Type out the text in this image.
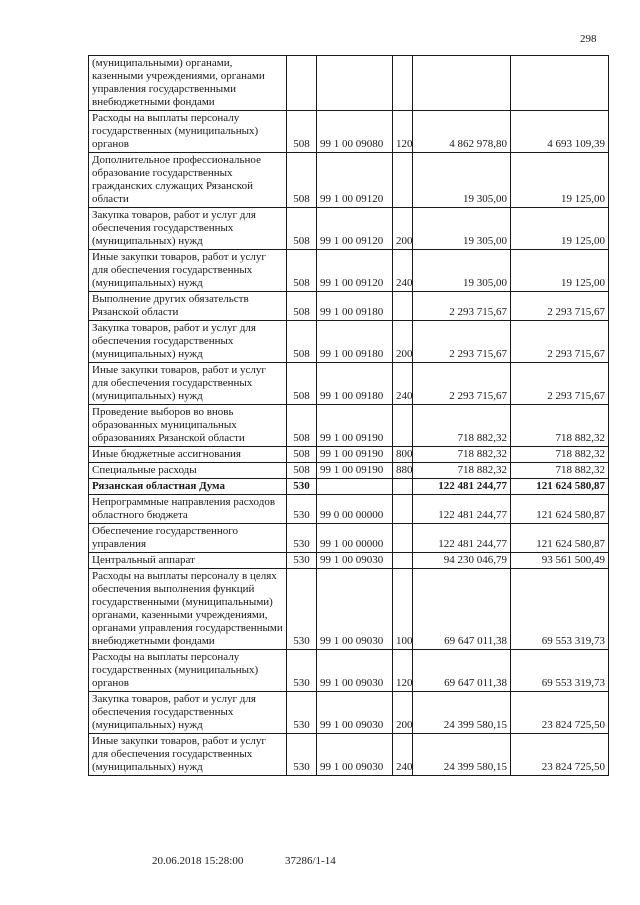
298
(муниципальными) органами, казенными учреждениями, органами управления государственными внебюджетными фондами					
Расходы на выплаты персоналу государственных (муниципальных) органов	508	99 1 00 09080	120	4 862 978,80	4 693 109,39
Дополнительное профессиональное образование государственных гражданских служащих Рязанской области	508	99 1 00 09120		19 305,00	19 125,00
Закупка товаров, работ и услуг для обеспечения государственных (муниципальных) нужд	508	99 1 00 09120	200	19 305,00	19 125,00
Иные закупки товаров, работ и услуг для обеспечения государственных (муниципальных) нужд	508	99 1 00 09120	240	19 305,00	19 125,00
Выполнение других обязательств Рязанской области	508	99 1 00 09180		2 293 715,67	2 293 715,67
Закупка товаров, работ и услуг для обеспечения государственных (муниципальных) нужд	508	99 1 00 09180	200	2 293 715,67	2 293 715,67
Иные закупки товаров, работ и услуг для обеспечения государственных (муниципальных) нужд	508	99 1 00 09180	240	2 293 715,67	2 293 715,67
Проведение выборов во вновь образованных муниципальных образованиях Рязанской области	508	99 1 00 09190		718 882,32	718 882,32
Иные бюджетные ассигнования	508	99 1 00 09190	800	718 882,32	718 882,32
Специальные расходы	508	99 1 00 09190	880	718 882,32	718 882,32
Рязанская областная Дума	530			122 481 244,77	121 624 580,87
Непрограммные направления расходов областного бюджета	530	99 0 00 00000		122 481 244,77	121 624 580,87
Обеспечение государственного управления	530	99 1 00 00000		122 481 244,77	121 624 580,87
Центральный аппарат	530	99 1 00 09030		94 230 046,79	93 561 500,49
Расходы на выплаты персоналу в целях обеспечения выполнения функций государственными (муниципальными) органами, казенными учреждениями, органами управления государственными внебюджетными фондами	530	99 1 00 09030	100	69 647 011,38	69 553 319,73
Расходы на выплаты персоналу государственных (муниципальных) органов	530	99 1 00 09030	120	69 647 011,38	69 553 319,73
Закупка товаров, работ и услуг для обеспечения государственных (муниципальных) нужд	530	99 1 00 09030	200	24 399 580,15	23 824 725,50
Иные закупки товаров, работ и услуг для обеспечения государственных (муниципальных) нужд	530	99 1 00 09030	240	24 399 580,15	23 824 725,50
20.06.2018 15:28:00	37286/1-14
